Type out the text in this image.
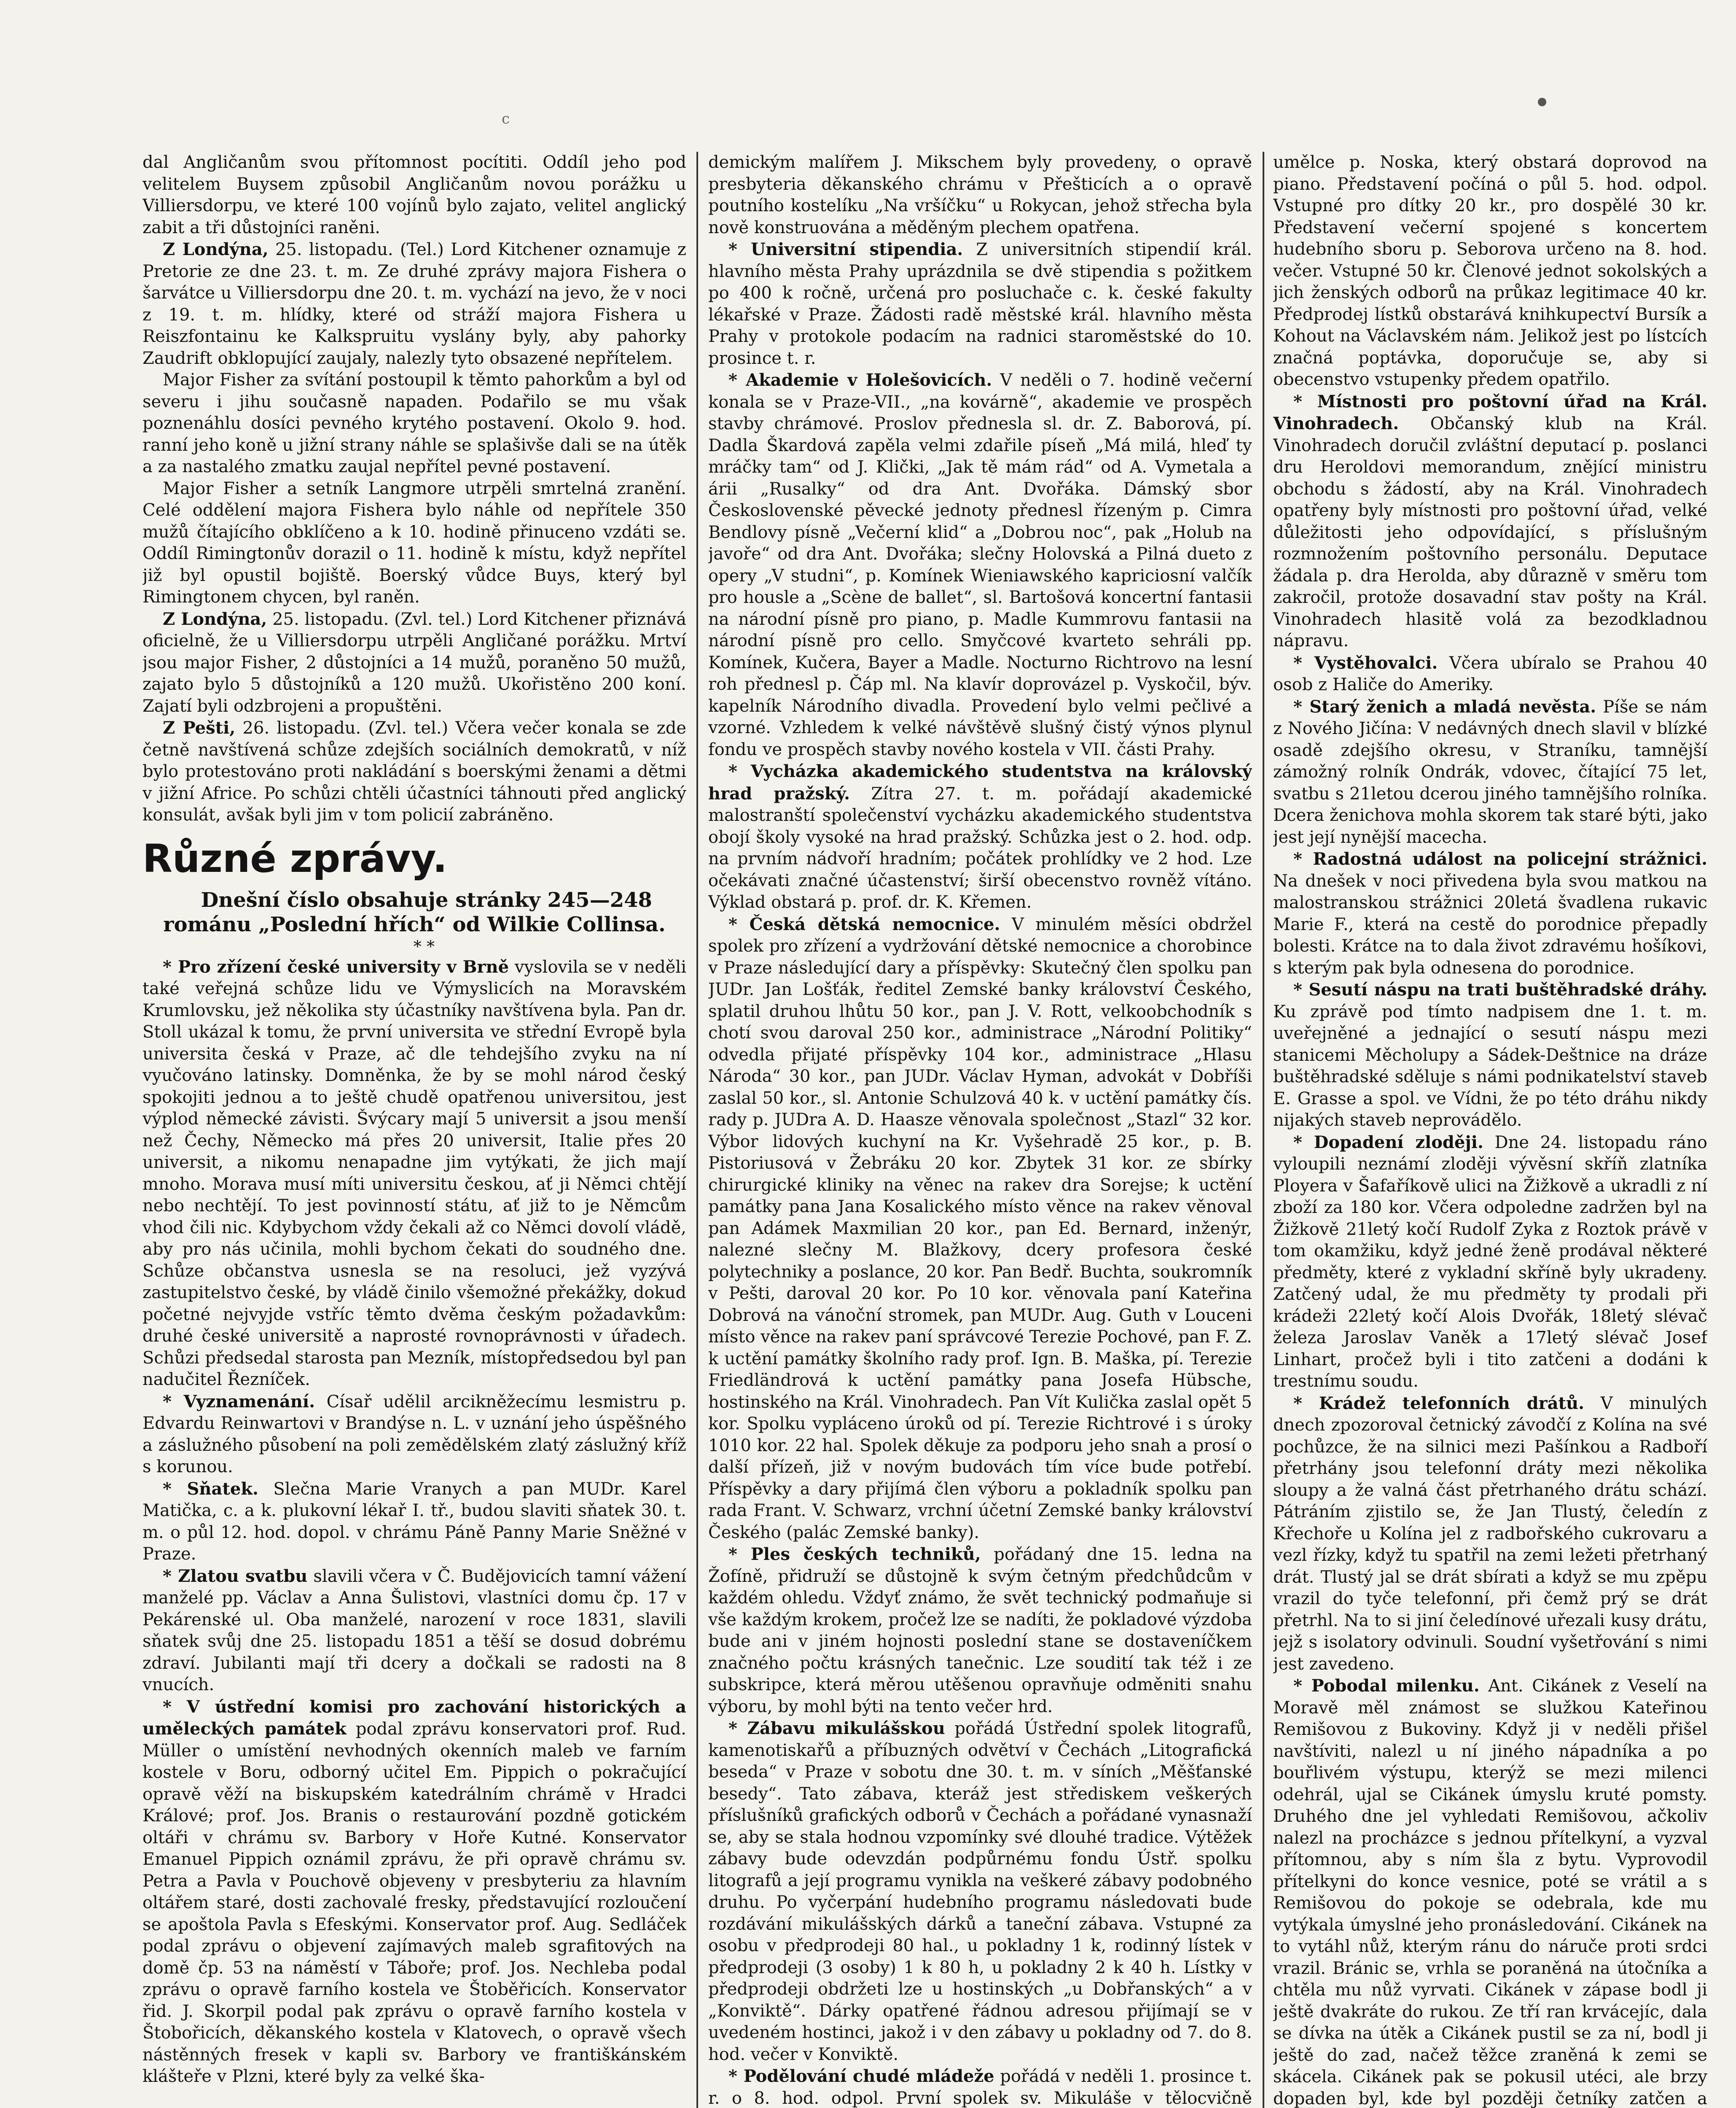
c

dal Angličanům svou přítomnost pocítiti. Oddíl jeho pod velitelem Buysem způsobil Angličanům novou porážku u Villiersdorpu, ve které 100 vojínů bylo zajato, velitel anglický zabit a tři důstojníci raněni.

Z Londýna, 25. listopadu. (Tel.) Lord Kitchener oznamuje z Pretorie ze dne 23. t. m. Ze druhé zprávy majora Fishera o šarvátce u Villiersdorpu dne 20. t. m. vychází na jevo, že v noci z 19. t. m. hlídky, které od stráží majora Fishera u Reiszfontainu ke Kalkspruitu vyslány byly, aby pahorky Zaudrift obklopující zaujaly, nalezly tyto obsazené nepřítelem.

Major Fisher za svítání postoupil k těmto pahorkům a byl od severu i jihu současně napaden. Podařilo se mu však poznenáhlu dosíci pevného krytého postavení. Okolo 9. hod. ranní jeho koně u jižní strany náhle se splašivše dali se na útěk a za nastalého zmatku zaujal nepřítel pevné postavení.

Major Fisher a setník Langmore utrpěli smrtelná zranění. Celé oddělení majora Fishera bylo náhle od nepřítele 350 mužů čítajícího obklíčeno a k 10. hodině přinuceno vzdáti se. Oddíl Rimingtonův dorazil o 11. hodině k místu, když nepřítel již byl opustil bojiště. Boerský vůdce Buys, který byl Rimingtonem chycen, byl raněn.

Z Londýna, 25. listopadu. (Zvl. tel.) Lord Kitchener přiznává oficielně, že u Villiersdorpu utrpěli Angličané porážku. Mrtví jsou major Fisher, 2 důstojníci a 14 mužů, poraněno 50 mužů, zajato bylo 5 důstojníků a 120 mužů. Ukořistěno 200 koní. Zajatí byli odzbrojeni a propuštěni.

Z Pešti, 26. listopadu. (Zvl. tel.) Včera večer konala se zde četně navštívená schůze zdejších sociálních demokratů, v níž bylo protestováno proti nakládání s boerskými ženami a dětmi v jižní Africe. Po schůzi chtěli účastníci táhnouti před anglický konsulát, avšak byli jim v tom policií zabráněno.

Různé zprávy.

Dnešní číslo obsahuje stránky 245—248 románu „Poslední hřích“ od Wilkie Collinsa.

* *

* Pro zřízení české university v Brně vyslovila se v neděli také veřejná schůze lidu ve Výmyslicích na Moravském Krumlovsku, jež několika sty účastníky navštívena byla. Pan dr. Stoll ukázal k tomu, že první universita ve střední Evropě byla universita česká v Praze, ač dle tehdejšího zvyku na ní vyučováno latinsky. Domněnka, že by se mohl národ český spokojiti jednou a to ještě chudě opatřenou universitou, jest výplod německé závisti. Švýcary mají 5 universit a jsou menší než Čechy, Německo má přes 20 universit, Italie přes 20 universit, a nikomu nenapadne jim vytýkati, že jich mají mnoho. Morava musí míti universitu českou, ať ji Němci chtějí nebo nechtějí. To jest povinností státu, ať již to je Němcům vhod čili nic. Kdybychom vždy čekali až co Němci dovolí vládě, aby pro nás učinila, mohli bychom čekati do soudného dne. Schůze občanstva usnesla se na resoluci, jež vyzývá zastupitelstvo české, by vládě činilo všemožné překážky, dokud početné nejvyjde vstříc těmto dvěma českým požadavkům: druhé české universitě a naprosté rovnoprávnosti v úřadech. Schůzi předsedal starosta pan Mezník, místopředsedou byl pan nadučitel Řezníček.

* Vyznamenání. Císař udělil arcikněžecímu lesmistru p. Edvardu Reinwartovi v Brandýse n. L. v uznání jeho úspěšného a záslužného působení na poli zemědělském zlatý záslužný kříž s korunou.

* Sňatek. Slečna Marie Vranych a pan MUDr. Karel Matička, c. a k. plukovní lékař I. tř., budou slaviti sňatek 30. t. m. o půl 12. hod. dopol. v chrámu Páně Panny Marie Sněžné v Praze.

* Zlatou svatbu slavili včera v Č. Budějovicích tamní vážení manželé pp. Václav a Anna Šulistovi, vlastníci domu čp. 17 v Pekárenské ul. Oba manželé, narození v roce 1831, slavili sňatek svůj dne 25. listopadu 1851 a těší se dosud dobrému zdraví. Jubilanti mají tři dcery a dočkali se radosti na 8 vnucích.

* V ústřední komisi pro zachování historických a uměleckých památek podal zprávu konservatori prof. Rud. Müller o umístění nevhodných okenních maleb ve farním kostele v Boru, odborný učitel Em. Pippich o pokračující opravě věží na biskupském katedrálním chrámě v Hradci Králové; prof. Jos. Branis o restaurování pozdně gotickém oltáři v chrámu sv. Barbory v Hoře Kutné. Konservator Emanuel Pippich oznámil zprávu, že při opravě chrámu sv. Petra a Pavla v Pouchově objeveny v presbyteriu za hlavním oltářem staré, dosti zachovalé fresky, představující rozloučení se apoštola Pavla s Efeskými. Konservator prof. Aug. Sedláček podal zprávu o objevení zajímavých maleb sgrafitových na domě čp. 53 na náměstí v Táboře; prof. Jos. Nechleba podal zprávu o opravě farního kostela ve Štoběřicích. Konservator řid. J. Skorpil podal pak zprávu o opravě farního kostela v Štobořicích, děkanského kostela v Klatovech, o opravě všech nástěnných fresek v kapli sv. Barbory ve františkánském klášteře v Plzni, které byly za velké ška-

demickým malířem J. Mikschem byly provedeny, o opravě presbyteria děkanského chrámu v Přešticích a o opravě poutního kostelíku „Na vršíčku“ u Rokycan, jehož střecha byla nově konstruována a měděným plechem opatřena.

* Universitní stipendia. Z universitních stipendií král. hlavního města Prahy uprázdnila se dvě stipendia s požitkem po 400 k ročně, určená pro posluchače c. k. české fakulty lékařské v Praze. Žádosti radě městské král. hlavního města Prahy v protokole podacím na radnici staroměstské do 10. prosince t. r.

* Akademie v Holešovicích. V neděli o 7. hodině večerní konala se v Praze-VII., „na kovárně“, akademie ve prospěch stavby chrámové. Proslov přednesla sl. dr. Z. Baborová, pí. Dadla Škardová zapěla velmi zdařile píseň „Má milá, hleď ty mráčky tam“ od J. Klički, „Jak tě mám rád“ od A. Vymetala a árii „Rusalky“ od dra Ant. Dvořáka. Dámský sbor Československé pěvecké jednoty přednesl řízeným p. Cimra Bendlovy písně „Večerní klid“ a „Dobrou noc“, pak „Holub na javoře“ od dra Ant. Dvořáka; slečny Holovská a Pilná dueto z opery „V studni“, p. Komínek Wieniawského kapriciosní valčík pro housle a „Scène de ballet“, sl. Bartošová koncertní fantasii na národní písně pro piano, p. Madle Kummrovu fantasii na národní písně pro cello. Smyčcové kvarteto sehráli pp. Komínek, Kučera, Bayer a Madle. Nocturno Richtrovo na lesní roh přednesl p. Čáp ml. Na klavír doprovázel p. Vyskočil, býv. kapelník Národního divadla. Provedení bylo velmi pečlivé a vzorné. Vzhledem k velké návštěvě slušný čistý výnos plynul fondu ve prospěch stavby nového kostela v VII. části Prahy.

* Vycházka akademického studentstva na královský hrad pražský. Zítra 27. t. m. pořádají akademické malostranští společenství vycházku akademického studentstva obojí školy vysoké na hrad pražský. Schůzka jest o 2. hod. odp. na prvním nádvoří hradním; počátek prohlídky ve 2 hod. Lze očekávati značné účastenství; širší obecenstvo rovněž vítáno. Výklad obstará p. prof. dr. K. Křemen.

* Česká dětská nemocnice. V minulém měsíci obdržel spolek pro zřízení a vydržování dětské nemocnice a chorobince v Praze následující dary a příspěvky: Skutečný člen spolku pan JUDr. Jan Lošťák, ředitel Zemské banky království Českého, splatil druhou lhůtu 50 kor., pan J. V. Rott, velkoobchodník s chotí svou daroval 250 kor., administrace „Národní Politiky“ odvedla přijaté příspěvky 104 kor., administrace „Hlasu Národa“ 30 kor., pan JUDr. Václav Hyman, advokát v Dobříši zaslal 50 kor., sl. Antonie Schulzová 40 k. v uctění památky čís. rady p. JUDra A. D. Haasze věnovala společnost „Stazl“ 32 kor. Výbor lidových kuchyní na Kr. Vyšehradě 25 kor., p. B. Pistoriusová v Žebráku 20 kor. Zbytek 31 kor. ze sbírky chirurgické kliniky na věnec na rakev dra Sorejse; k uctění památky pana Jana Kosalického místo věnce na rakev věnoval pan Adámek Maxmilian 20 kor., pan Ed. Bernard, inženýr, nalezné slečny M. Blažkovy, dcery profesora české polytechniky a poslance, 20 kor. Pan Bedř. Buchta, soukromník v Pešti, daroval 20 kor. Po 10 kor. věnovala paní Kateřina Dobrová na vánoční stromek, pan MUDr. Aug. Guth v Louceni místo věnce na rakev paní správcové Terezie Pochové, pan F. Z. k uctění památky školního rady prof. Ign. B. Maška, pí. Terezie Friedländrová k uctění památky pana Josefa Hübsche, hostinského na Král. Vinohradech. Pan Vít Kulička zaslal opět 5 kor. Spolku vypláceno úroků od pí. Terezie Richtrové i s úroky 1010 kor. 22 hal. Spolek děkuje za podporu jeho snah a prosí o další přízeň, již v novým budovách tím více bude potřebí. Příspěvky a dary přijímá člen výboru a pokladník spolku pan rada Frant. V. Schwarz, vrchní účetní Zemské banky království Českého (palác Zemské banky).

* Ples českých techniků, pořádaný dne 15. ledna na Žofíně, přidruží se důstojně k svým četným předchůdcům v každém ohledu. Vždyť známo, že svět technický podmaňuje si vše každým krokem, pročež lze se nadíti, že pokladové výzdoba bude ani v jiném hojnosti poslední stane se dostaveníčkem značného počtu krásných tanečnic. Lze soudití tak též i ze subskripce, která měrou utěšenou opravňuje odměniti snahu výboru, by mohl býti na tento večer hrd.

* Zábavu mikulášskou pořádá Ústřední spolek litografů, kamenotiskařů a příbuzných odvětví v Čechách „Litografická beseda“ v Praze v sobotu dne 30. t. m. v síních „Měšťanské besedy“. Tato zábava, kteráž jest střediskem veškerých příslušníků grafických odborů v Čechách a pořádané vynasnaží se, aby se stala hodnou vzpomínky své dlouhé tradice. Výtěžek zábavy bude odevzdán podpůrnému fondu Ústř. spolku litografů a její programu vynikla na veškeré zábavy podobného druhu. Po vyčerpání hudebního programu následovati bude rozdávání mikulášských dárků a taneční zábava. Vstupné za osobu v předprodeji 80 hal., u pokladny 1 k, rodinný lístek v předprodeji (3 osoby) 1 k 80 h, u pokladny 2 k 40 h. Lístky v předprodeji obdržeti lze u hostinských „u Dobřanských“ a v „Konviktě“. Dárky opatřené řádnou adresou přijímají se v uvedeném hostinci, jakož i v den zábavy u pokladny od 7. do 8. hod. večer v Konviktě.

* Podělování chudé mládeže pořádá v neděli 1. prosince t. r. o 8. hod. odpol. První spolek sv. Mikuláše v tělocvičně

umělce p. Noska, který obstará doprovod na piano. Představení počíná o půl 5. hod. odpol. Vstupné pro dítky 20 kr., pro dospělé 30 kr. Představení večerní spojené s koncertem hudebního sboru p. Seborova určeno na 8. hod. večer. Vstupné 50 kr. Členové jednot sokolských a jich ženských odborů na průkaz legitimace 40 kr. Předprodej lístků obstarává knihkupectví Bursík a Kohout na Václavském nám. Jelikož jest po lístcích značná poptávka, doporučuje se, aby si obecenstvo vstupenky předem opatřilo.

* Místnosti pro poštovní úřad na Král. Vinohradech. Občanský klub na Král. Vinohradech doručil zvláštní deputací p. poslanci dru Heroldovi memorandum, znějící ministru obchodu s žádostí, aby na Král. Vinohradech opatřeny byly místnosti pro poštovní úřad, velké důležitosti jeho odpovídající, s příslušným rozmnožením poštovního personálu. Deputace žádala p. dra Herolda, aby důrazně v směru tom zakročil, protože dosavadní stav pošty na Král. Vinohradech hlasitě volá za bezodkladnou nápravu.

* Vystěhovalci. Včera ubíralo se Prahou 40 osob z Haliče do Ameriky.

* Starý ženich a mladá nevěsta. Píše se nám z Nového Jičína: V nedávných dnech slavil v blízké osadě zdejšího okresu, v Straníku, tamnější zámožný rolník Ondrák, vdovec, čítající 75 let, svatbu s 21letou dcerou jiného tamnějšího rolníka. Dcera ženichova mohla skorem tak staré býti, jako jest její nynější macecha.

* Radostná událost na policejní strážnici. Na dnešek v noci přivedena byla svou matkou na malostranskou strážnici 20letá švadlena rukavic Marie F., která na cestě do porodnice přepadly bolesti. Krátce na to dala život zdravému hošíkovi, s kterým pak byla odnesena do porodnice.

* Sesutí náspu na trati buštěhradské dráhy. Ku zprávě pod tímto nadpisem dne 1. t. m. uveřejněné a jednající o sesutí náspu mezi stanicemi Měcholupy a Sádek-Deštnice na dráze buštěhradské sděluje s námi podnikatelství staveb E. Grasse a spol. ve Vídni, že po této dráhu nikdy nijakých staveb neprovádělo.

* Dopadení zloději. Dne 24. listopadu ráno vyloupili neznámí zloději vývěsní skříň zlatníka Ployera v Šafaříkově ulici na Žižkově a ukradli z ní zboží za 180 kor. Včera odpoledne zadržen byl na Žižkově 21letý kočí Rudolf Zyka z Roztok právě v tom okamžiku, když jedné ženě prodával některé předměty, které z vykladní skříně byly ukradeny. Zatčený udal, že mu předměty ty prodali při krádeži 22letý kočí Alois Dvořák, 18letý slévač železa Jaroslav Vaněk a 17letý slévač Josef Linhart, pročež byli i tito zatčeni a dodáni k trestnímu soudu.

* Krádež telefonních drátů. V minulých dnech zpozoroval četnický závodčí z Kolína na své pochůzce, že na silnici mezi Pašínkou a Radboří přetrhány jsou telefonní dráty mezi několika sloupy a že valná část přetrhaného drátu schází. Pátráním zjistilo se, že Jan Tlustý, čeledín z Křechoře u Kolína jel z radbořského cukrovaru a vezl řízky, když tu spatřil na zemi ležeti přetrhaný drát. Tlustý jal se drát sbírati a když se mu zpěpu vrazil do tyče telefonní, při čemž prý se drát přetrhl. Na to si jiní čeledínové uřezali kusy drátu, jejž s isolatory odvinuli. Soudní vyšetřování s nimi jest zavedeno.

* Pobodal milenku. Ant. Cikánek z Veselí na Moravě měl známost se služkou Kateřinou Remišovou z Bukoviny. Když ji v neděli přišel navštíviti, nalezl u ní jiného nápadníka a po bouřlivém výstupu, kterýž se mezi milenci odehrál, ujal se Cikánek úmyslu kruté pomsty. Druhého dne jel vyhledati Remišovou, ačkoliv nalezl na procházce s jednou přítelkyní, a vyzval přítomnou, aby s ním šla z bytu. Vyprovodil přítelkyni do konce vesnice, poté se vrátil a s Remišovou do pokoje se odebrala, kde mu vytýkala úmyslné jeho pronásledování. Cikánek na to vytáhl nůž, kterým ránu do náruče proti srdci vrazil. Bránic se, vrhla se poraněná na útočníka a chtěla mu nůž vyrvati. Cikánek v zápase bodl ji ještě dvakráte do rukou. Ze tří ran krvácejíc, dala se dívka na útěk a Cikánek pustil se za ní, bodl ji ještě do zad, načež těžce zraněná k zemi se skácela. Cikánek pak se pokusil utéci, ale brzy dopaden byl, kde byl později četníky zatčen a
